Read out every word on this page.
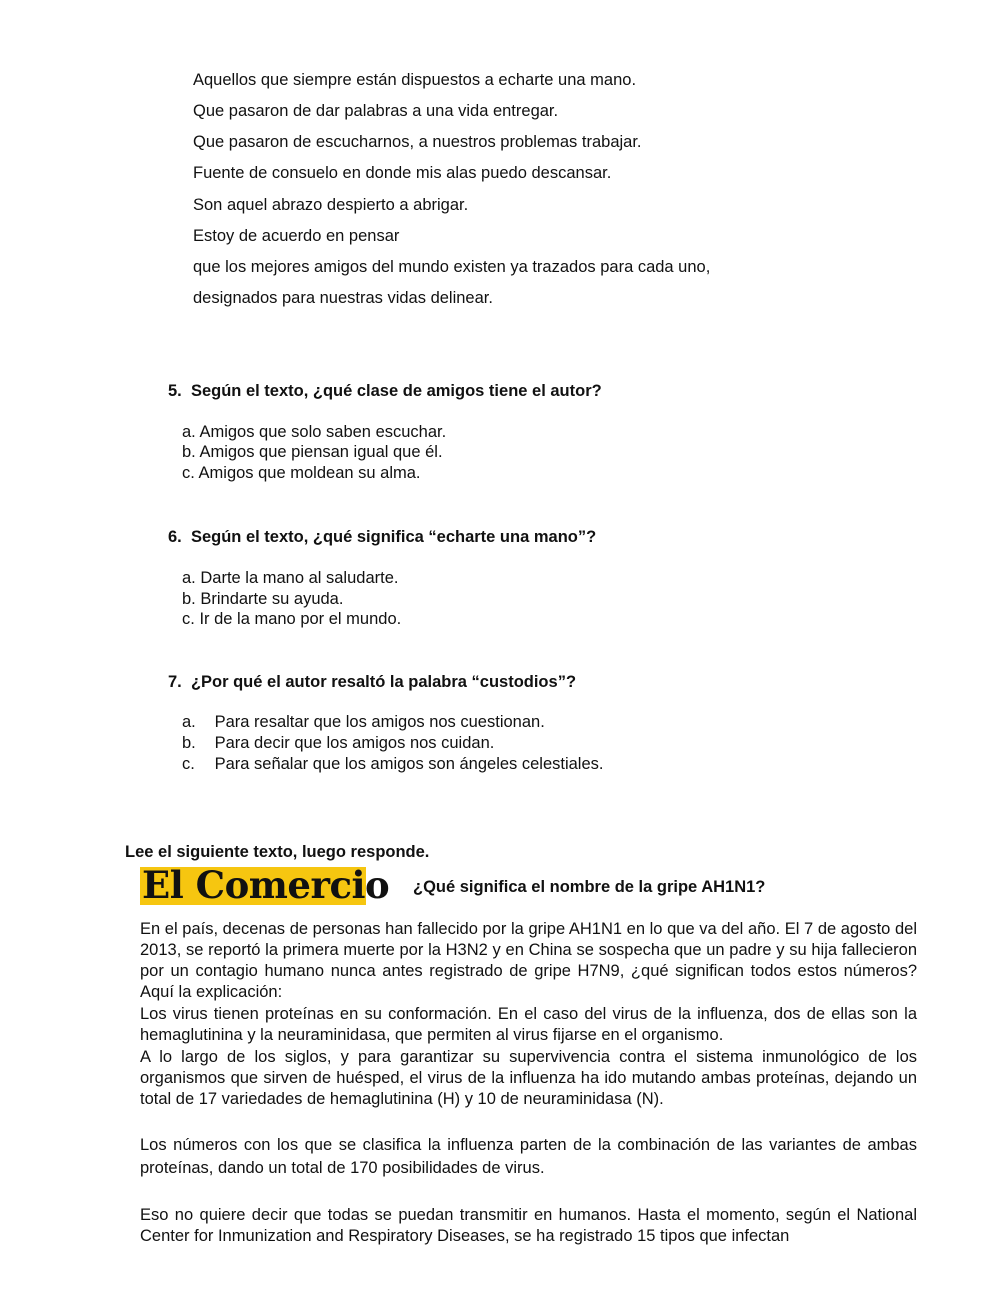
Aquellos que siempre están dispuestos a echarte una mano.
Que pasaron de dar palabras a una vida entregar.
Que pasaron de escucharnos, a nuestros problemas trabajar.
Fuente de consuelo en donde mis alas puedo descansar.
Son aquel abrazo despierto a abrigar.
Estoy de acuerdo en pensar
que los mejores amigos del mundo existen ya trazados para cada uno,
designados para nuestras vidas delinear.
5. Según el texto, ¿qué clase de amigos tiene el autor?
a. Amigos que solo saben escuchar.
b. Amigos que piensan igual que él.
c. Amigos que moldean su alma.
6. Según el texto, ¿qué significa “echarte una mano”?
a. Darte la mano al saludarte.
b. Brindarte su ayuda.
c. Ir de la mano por el mundo.
7. ¿Por qué el autor resaltó la palabra “custodios”?
a. Para resaltar que los amigos nos cuestionan.
b. Para decir que los amigos nos cuidan.
c. Para señalar que los amigos son ángeles celestiales.
Lee el siguiente texto, luego responde.
El Comercio ¿Qué significa el nombre de la gripe AH1N1?
En el país, decenas de personas han fallecido por la gripe AH1N1 en lo que va del año. El 7 de agosto del 2013, se reportó la primera muerte por la H3N2 y en China se sospecha que un padre y su hija fallecieron por un contagio humano nunca antes registrado de gripe H7N9, ¿qué significan todos estos números? Aquí la explicación:
Los virus tienen proteínas en su conformación. En el caso del virus de la influenza, dos de ellas son la hemaglutinina y la neuraminidasa, que permiten al virus fijarse en el organismo.
A lo largo de los siglos, y para garantizar su supervivencia contra el sistema inmunológico de los organismos que sirven de huésped, el virus de la influenza ha ido mutando ambas proteínas, dejando un total de 17 variedades de hemaglutinina (H) y 10 de neuraminidasa (N).
Los números con los que se clasifica la influenza parten de la combinación de las variantes de ambas proteínas, dando un total de 170 posibilidades de virus.
Eso no quiere decir que todas se puedan transmitir en humanos. Hasta el momento, según el National Center for Inmunization and Respiratory Diseases, se ha registrado 15 tipos que infectan
